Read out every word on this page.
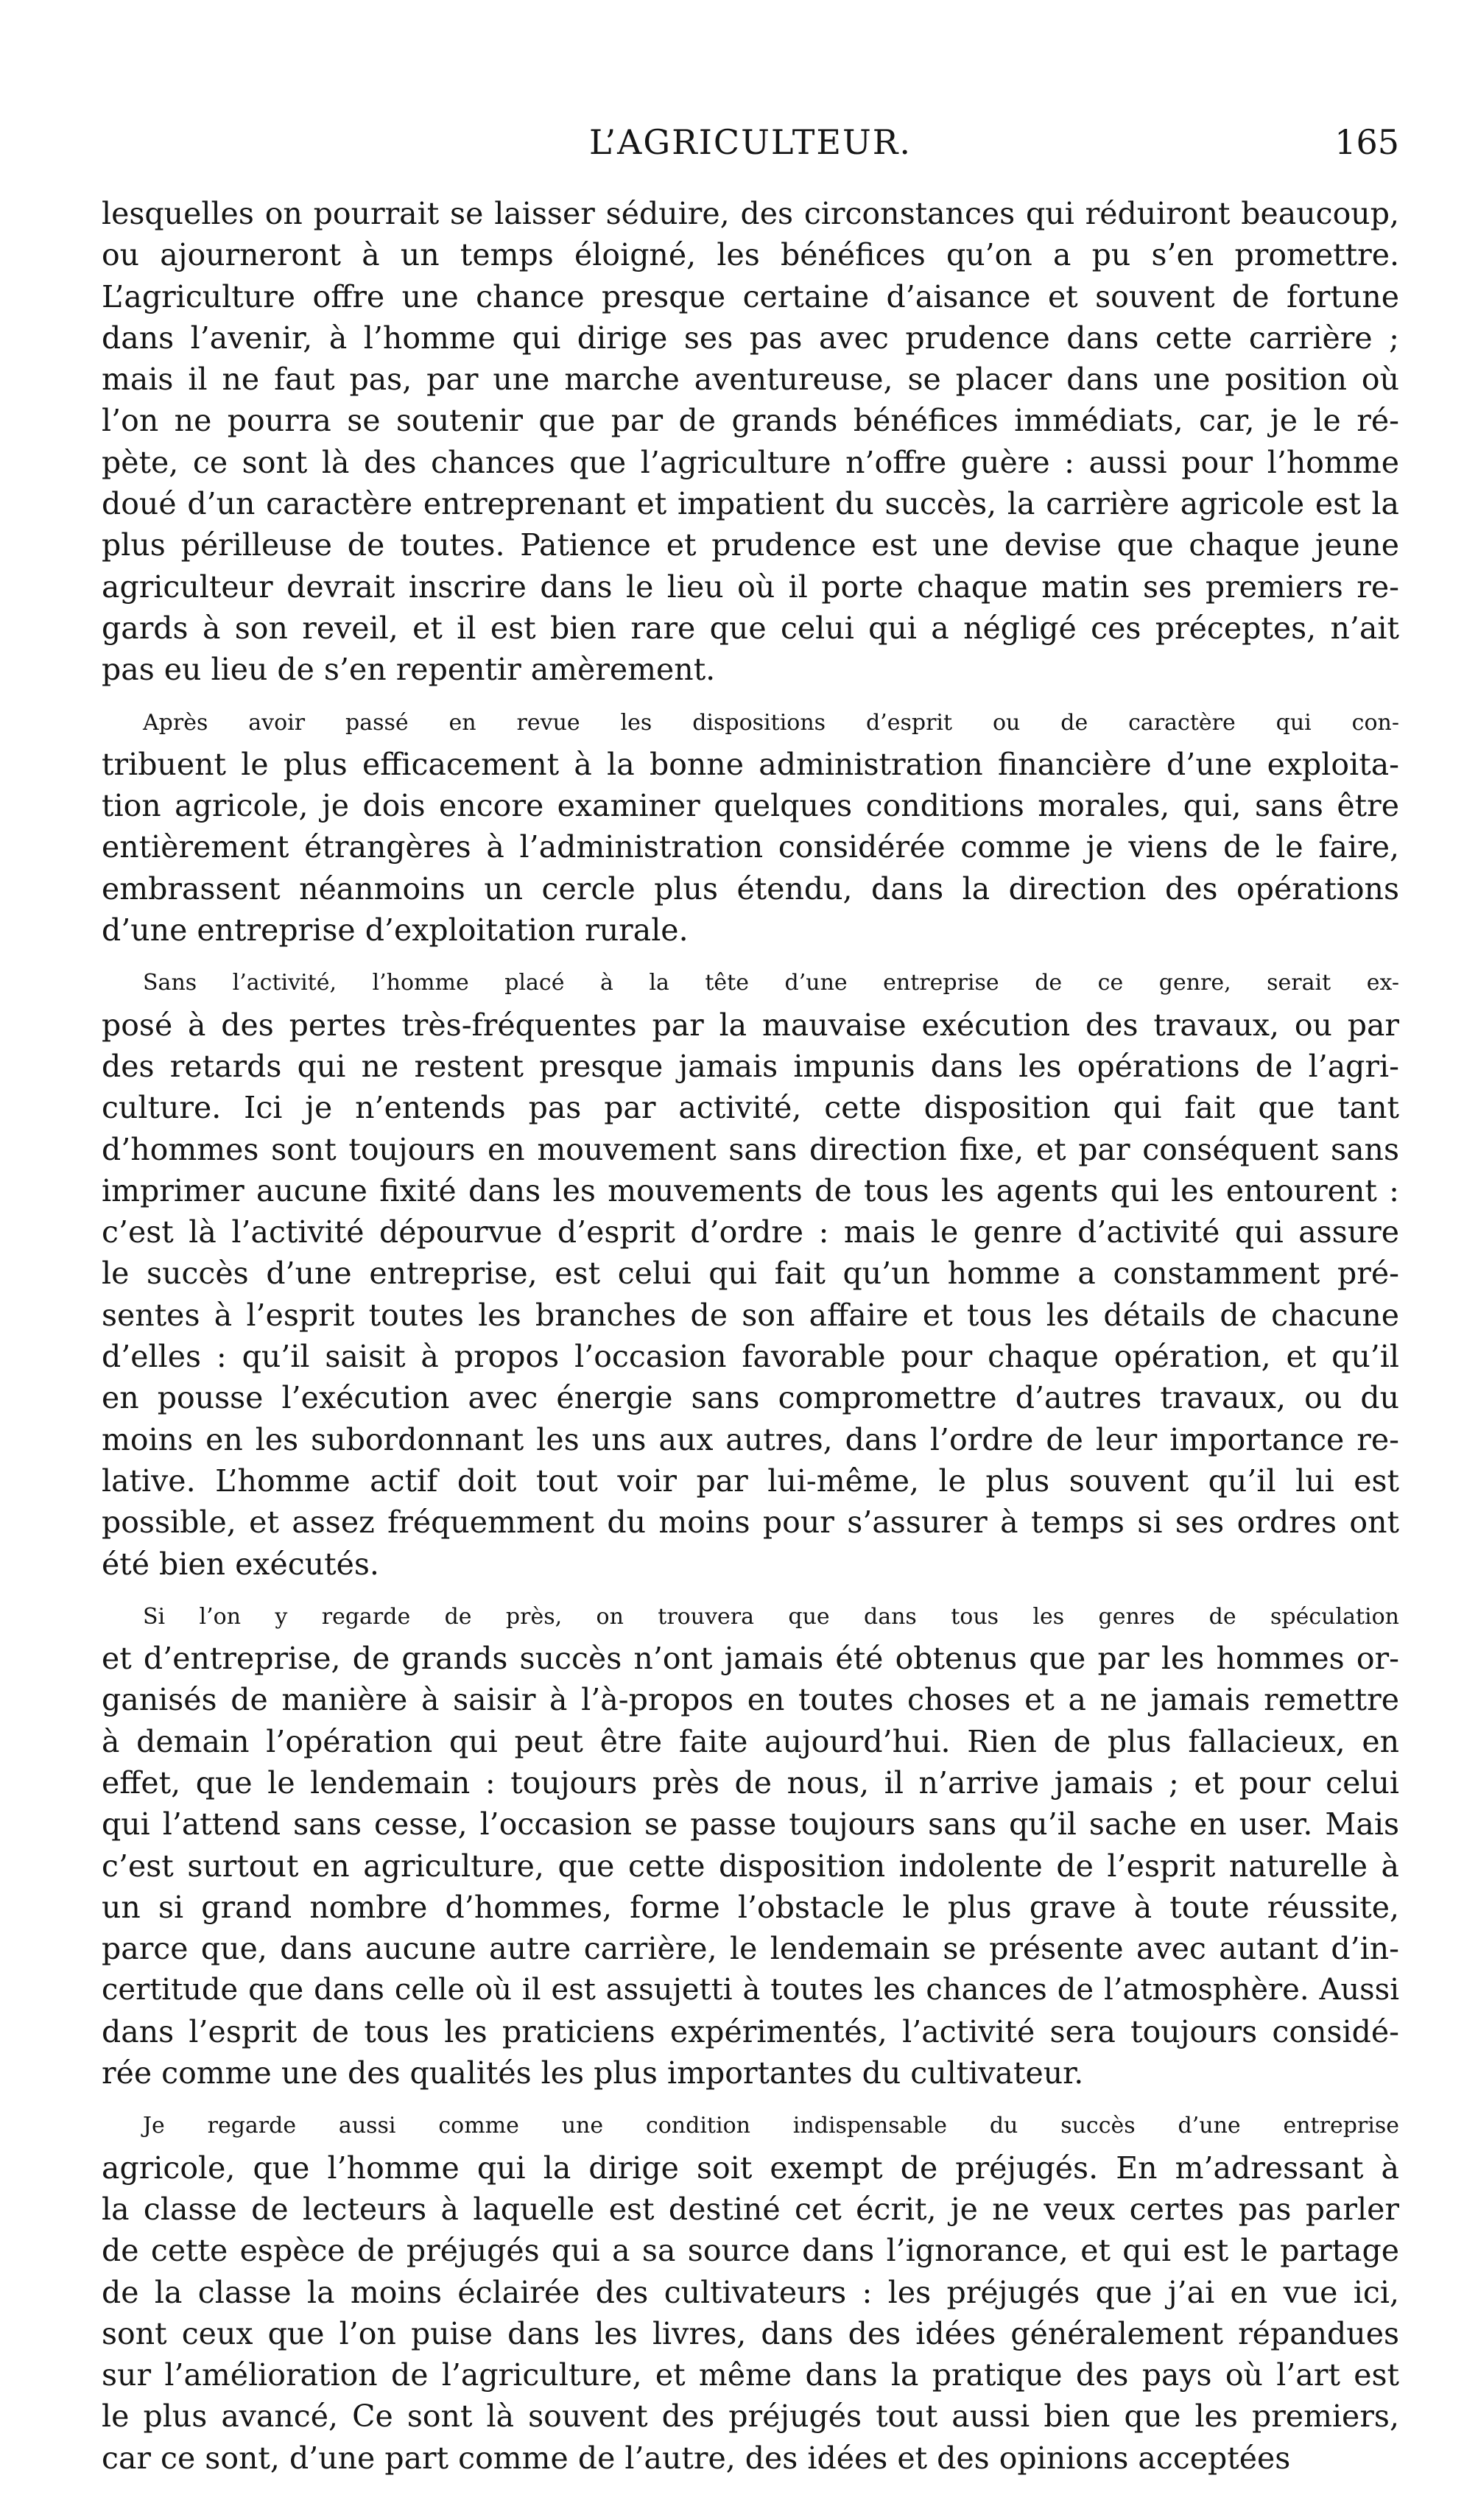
L’AGRICULTEUR.	165
lesquelles on pourrait se laisser séduire, des circonstances qui réduiront beaucoup,
ou ajourneront à un temps éloigné, les bénéfices qu’on a pu s’en promettre.
L’agriculture offre une chance presque certaine d’aisance et souvent de fortune
dans l’avenir, à l’homme qui dirige ses pas avec prudence dans cette carrière ;
mais il ne faut pas, par une marche aventureuse, se placer dans une position où
l’on ne pourra se soutenir que par de grands bénéfices immédiats, car, je le ré-
pète, ce sont là des chances que l’agriculture n’offre guère : aussi pour l’homme
doué d’un caractère entreprenant et impatient du succès, la carrière agricole est la
plus périlleuse de toutes. Patience et prudence est une devise que chaque jeune
agriculteur devrait inscrire dans le lieu où il porte chaque matin ses premiers re-
gards à son reveil, et il est bien rare que celui qui a négligé ces préceptes, n’ait
pas eu lieu de s’en repentir amèrement.
Après avoir passé en revue les dispositions d’esprit ou de caractère qui con-
tribuent le plus efficacement à la bonne administration financière d’une exploita-
tion agricole, je dois encore examiner quelques conditions morales, qui, sans être
entièrement étrangères à l’administration considérée comme je viens de le faire,
embrassent néanmoins un cercle plus étendu, dans la direction des opérations
d’une entreprise d’exploitation rurale.
Sans l’activité, l’homme placé à la tête d’une entreprise de ce genre, serait ex-
posé à des pertes très-fréquentes par la mauvaise exécution des travaux, ou par
des retards qui ne restent presque jamais impunis dans les opérations de l’agri-
culture. Ici je n’entends pas par activité, cette disposition qui fait que tant
d’hommes sont toujours en mouvement sans direction fixe, et par conséquent sans
imprimer aucune fixité dans les mouvements de tous les agents qui les entourent :
c’est là l’activité dépourvue d’esprit d’ordre : mais le genre d’activité qui assure
le succès d’une entreprise, est celui qui fait qu’un homme a constamment pré-
sentes à l’esprit toutes les branches de son affaire et tous les détails de chacune
d’elles : qu’il saisit à propos l’occasion favorable pour chaque opération, et qu’il
en pousse l’exécution avec énergie sans compromettre d’autres travaux, ou du
moins en les subordonnant les uns aux autres, dans l’ordre de leur importance re-
lative. L’homme actif doit tout voir par lui-même, le plus souvent qu’il lui est
possible, et assez fréquemment du moins pour s’assurer à temps si ses ordres ont
été bien exécutés.
Si l’on y regarde de près, on trouvera que dans tous les genres de spéculation
et d’entreprise, de grands succès n’ont jamais été obtenus que par les hommes or-
ganisés de manière à saisir à l’à-propos en toutes choses et a ne jamais remettre
à demain l’opération qui peut être faite aujourd’hui. Rien de plus fallacieux, en
effet, que le lendemain : toujours près de nous, il n’arrive jamais ; et pour celui
qui l’attend sans cesse, l’occasion se passe toujours sans qu’il sache en user. Mais
c’est surtout en agriculture, que cette disposition indolente de l’esprit naturelle à
un si grand nombre d’hommes, forme l’obstacle le plus grave à toute réussite,
parce que, dans aucune autre carrière, le lendemain se présente avec autant d’in-
certitude que dans celle où il est assujetti à toutes les chances de l’atmosphère. Aussi
dans l’esprit de tous les praticiens expérimentés, l’activité sera toujours considé-
rée comme une des qualités les plus importantes du cultivateur.
Je regarde aussi comme une condition indispensable du succès d’une entreprise
agricole, que l’homme qui la dirige soit exempt de préjugés. En m’adressant à
la classe de lecteurs à laquelle est destiné cet écrit, je ne veux certes pas parler
de cette espèce de préjugés qui a sa source dans l’ignorance, et qui est le partage
de la classe la moins éclairée des cultivateurs : les préjugés que j’ai en vue ici,
sont ceux que l’on puise dans les livres, dans des idées généralement répandues
sur l’amélioration de l’agriculture, et même dans la pratique des pays où l’art est
le plus avancé, Ce sont là souvent des préjugés tout aussi bien que les premiers,
car ce sont, d’une part comme de l’autre, des idées et des opinions acceptées
